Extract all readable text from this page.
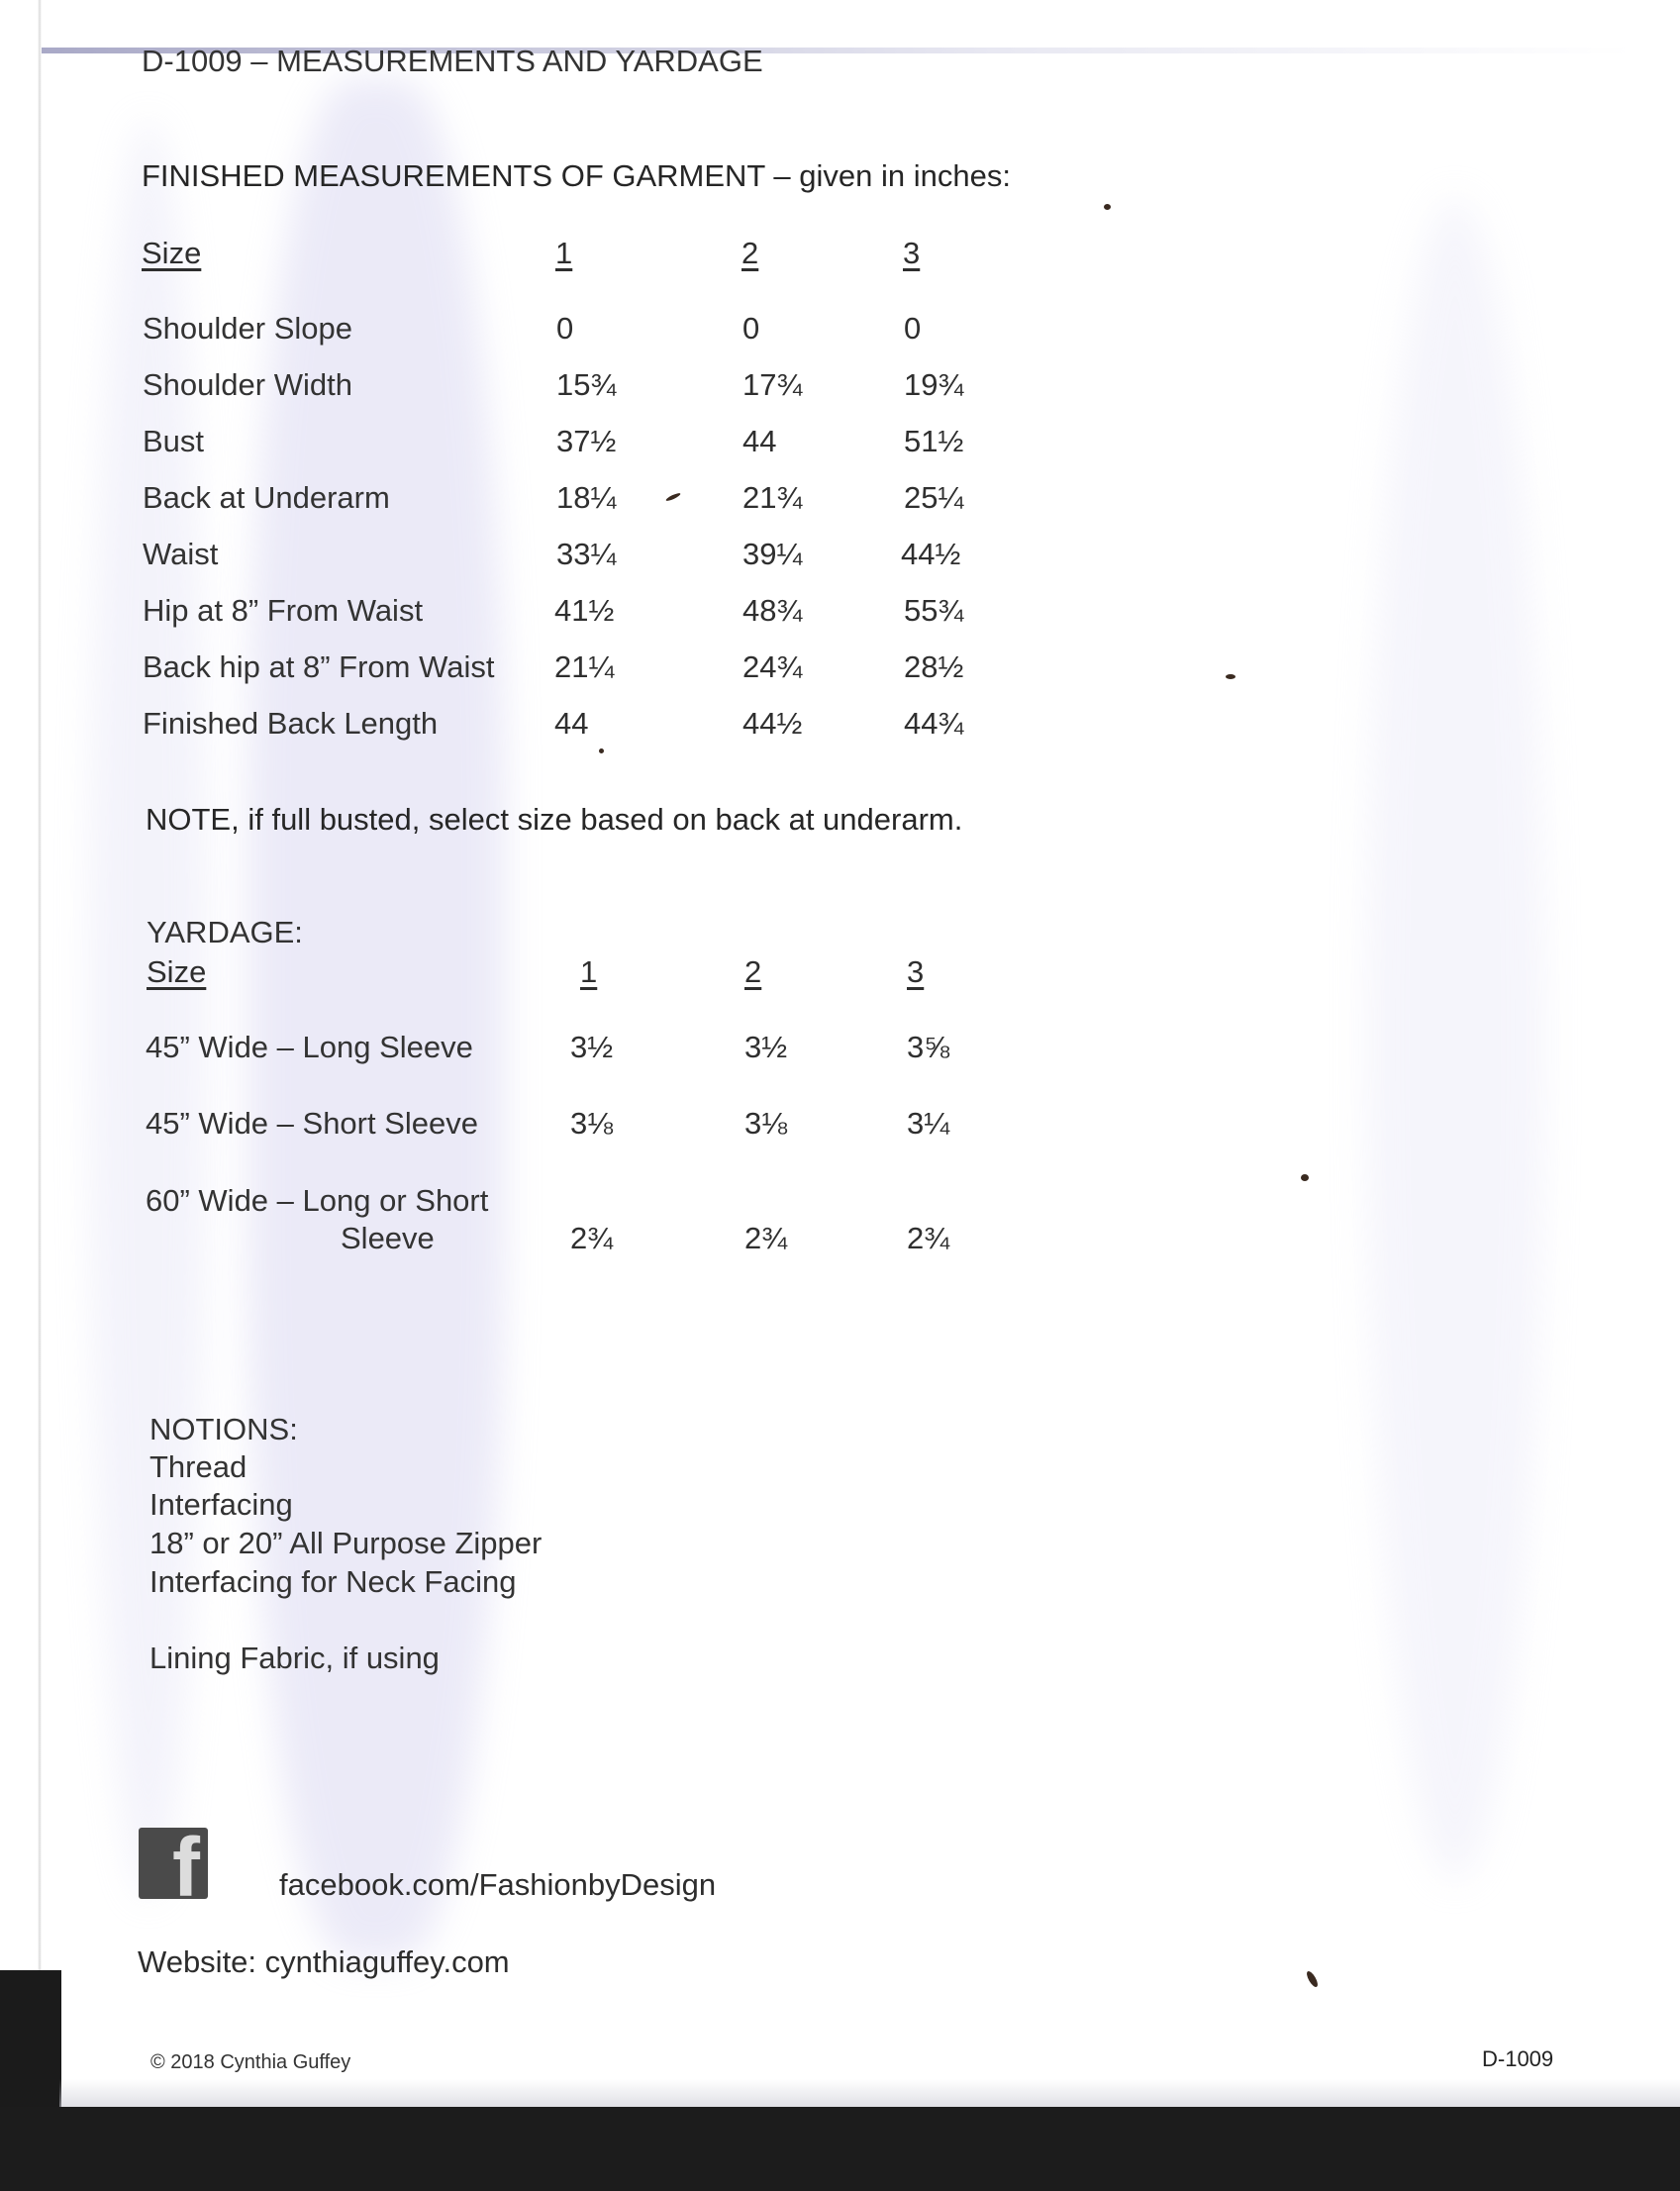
D-1009 – MEASUREMENTS AND YARDAGE
FINISHED MEASUREMENTS OF GARMENT – given in inches:
Size	1	2	3
Shoulder Slope	0	0	0
Shoulder Width	15¾	17¾	19¾
Bust	37½	44	51½
Back at Underarm	18¼	21¾	25¼
Waist	33¼	39¼	44½
Hip at 8” From Waist	41½	48¾	55¾
Back hip at 8” From Waist 21¼	24¾	28½
Finished Back Length	44	44½	44¾
NOTE, if full busted, select size based on back at underarm.
YARDAGE:
Size	1	2	3
45” Wide – Long Sleeve	3½	3½	3⅝
45” Wide – Short Sleeve	3⅛	3⅛	3¼
60” Wide – Long or Short
Sleeve	2¾	2¾	2¾
NOTIONS:
Thread
Interfacing
18” or 20” All Purpose Zipper
Interfacing for Neck Facing
Lining Fabric, if using
f	facebook.com/FashionbyDesign
Website: cynthiaguffey.com
© 2018 Cynthia Guffey	D-1009
